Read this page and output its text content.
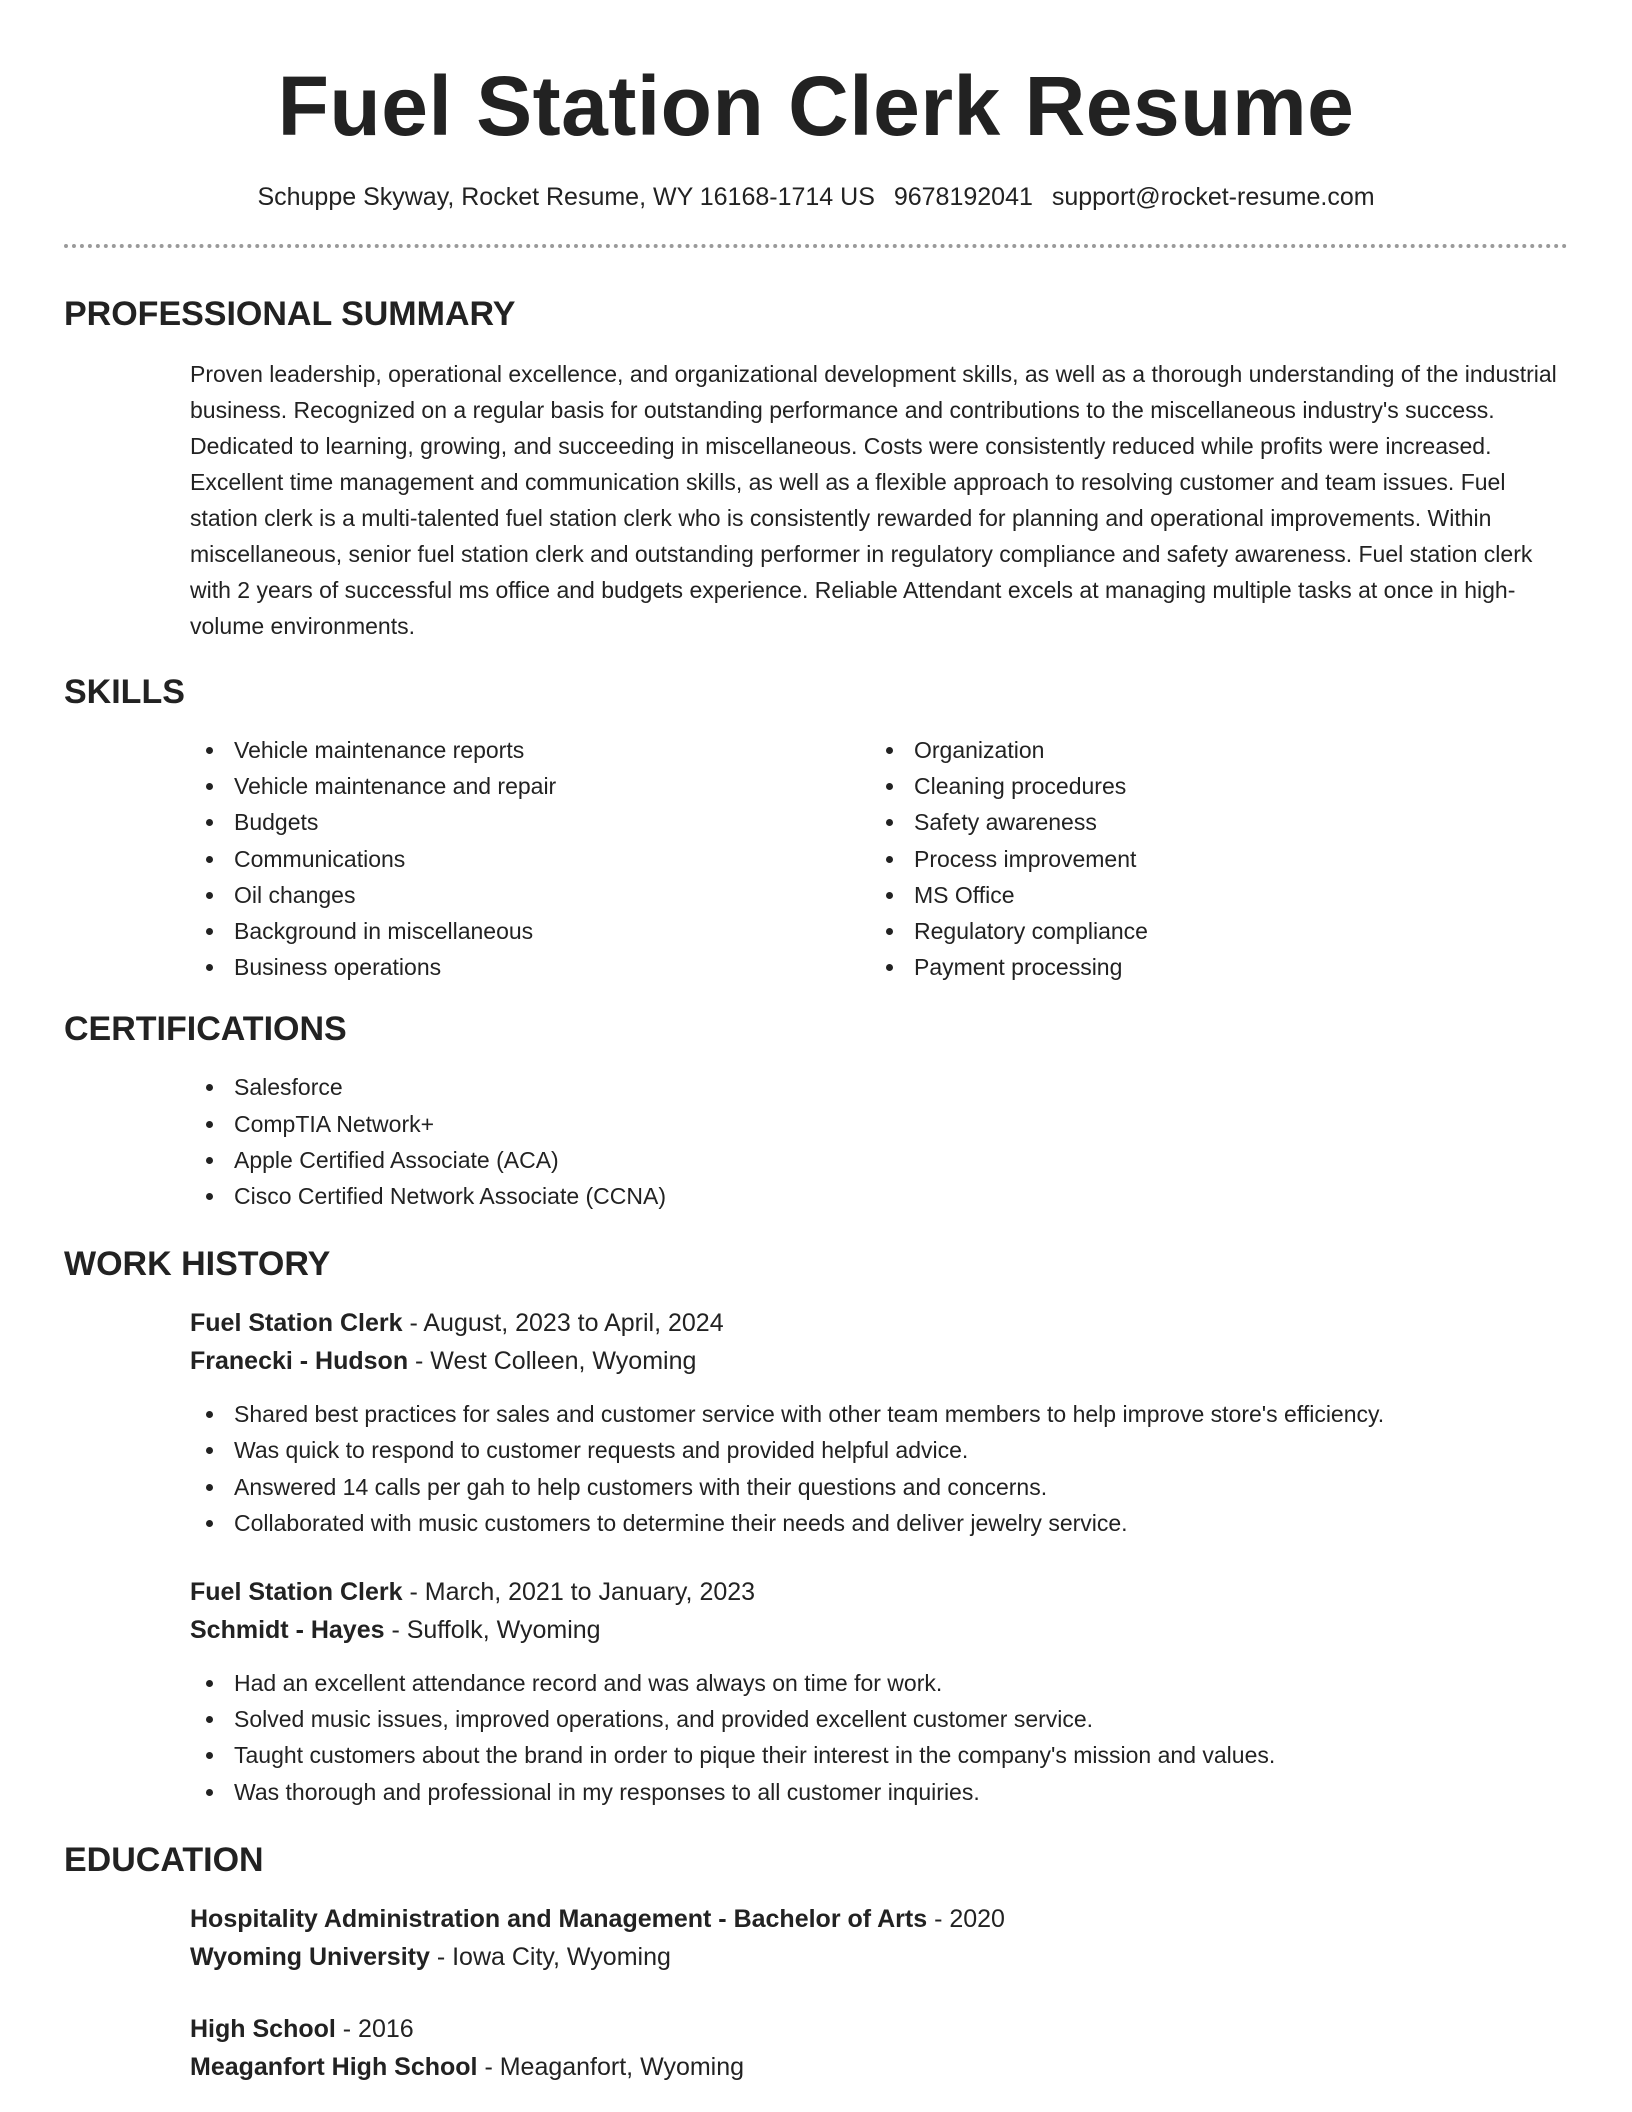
Fuel Station Clerk Resume
Schuppe Skyway, Rocket Resume, WY 16168-1714 US 9678192041 support@rocket-resume.com
PROFESSIONAL SUMMARY

Proven leadership, operational excellence, and organizational development skills, as well as a thorough understanding of the industrial business. Recognized on a regular basis for outstanding performance and contributions to the miscellaneous industry's success. Dedicated to learning, growing, and succeeding in miscellaneous. Costs were consistently reduced while profits were increased. Excellent time management and communication skills, as well as a flexible approach to resolving customer and team issues. Fuel station clerk is a multi-talented fuel station clerk who is consistently rewarded for planning and operational improvements. Within miscellaneous, senior fuel station clerk and outstanding performer in regulatory compliance and safety awareness. Fuel station clerk with 2 years of successful ms office and budgets experience. Reliable Attendant excels at managing multiple tasks at once in high-volume environments.

SKILLS
Vehicle maintenance reports
Vehicle maintenance and repair
Budgets
Communications
Oil changes
Background in miscellaneous
Business operations
Organization
Cleaning procedures
Safety awareness
Process improvement
MS Office
Regulatory compliance
Payment processing
CERTIFICATIONS
Salesforce
CompTIA Network+
Apple Certified Associate (ACA)
Cisco Certified Network Associate (CCNA)
WORK HISTORY
Fuel Station Clerk - August, 2023 to April, 2024
Franecki - Hudson - West Colleen, Wyoming
Shared best practices for sales and customer service with other team members to help improve store's efficiency.
Was quick to respond to customer requests and provided helpful advice.
Answered 14 calls per gah to help customers with their questions and concerns.
Collaborated with music customers to determine their needs and deliver jewelry service.
Fuel Station Clerk - March, 2021 to January, 2023
Schmidt - Hayes - Suffolk, Wyoming
Had an excellent attendance record and was always on time for work.
Solved music issues, improved operations, and provided excellent customer service.
Taught customers about the brand in order to pique their interest in the company's mission and values.
Was thorough and professional in my responses to all customer inquiries.
EDUCATION
Hospitality Administration and Management - Bachelor of Arts - 2020
Wyoming University - Iowa City, Wyoming
High School - 2016
Meaganfort High School - Meaganfort, Wyoming
